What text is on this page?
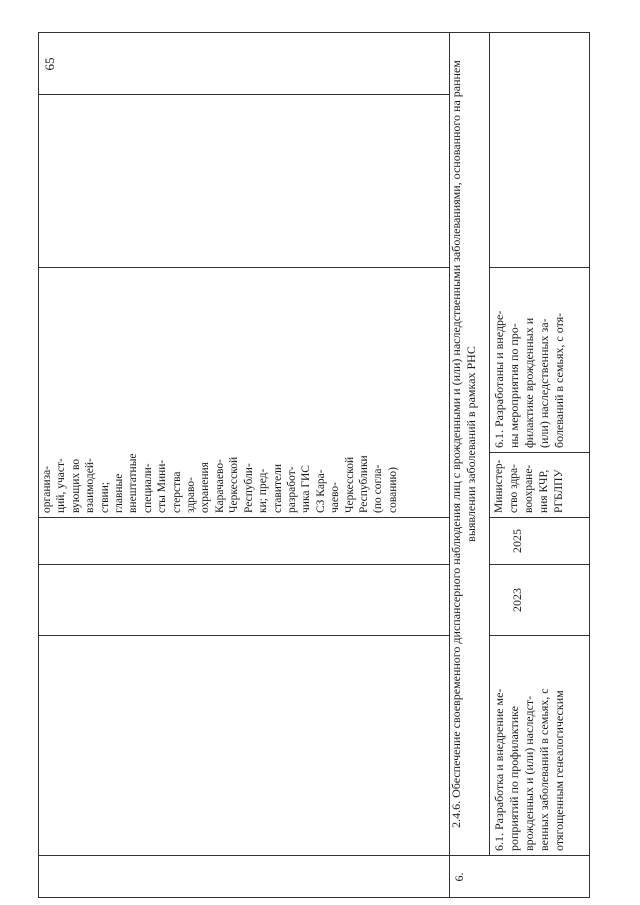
65
6.
2.4.6. Обеспечение своевременного диспансерного наблюдения лиц с врожденными и (или) наследственными заболеваниями, основанного на раннем выявлении заболеваний в рамках РНС
организа-
ций, участ-
вующих во
взаимодей-
ствии;
главные
внештатные
специали-
сты Мини-
стерства
здраво-
охранения
Карачаево-
Черкесской
Республи-
ки; пред-
ставители
разработ-
чика ГИС
СЗ Кара-
чаево-
Черкесской
Республики
(по согла-
сованию)
6.1. Разработка и внедрение ме-
роприятий по профилактике
врожденных и (или) наследст-
венных заболеваний в семьях, с
отягощенным генеалогическим
2023
2025
Министер-
ство здра-
воохране-
ния КЧР,
РГБЛПУ
6.1. Разработаны и внедре-
ны мероприятия по про-
филактике врожденных и
(или) наследственных за-
болеваний в семьях, с отя-
